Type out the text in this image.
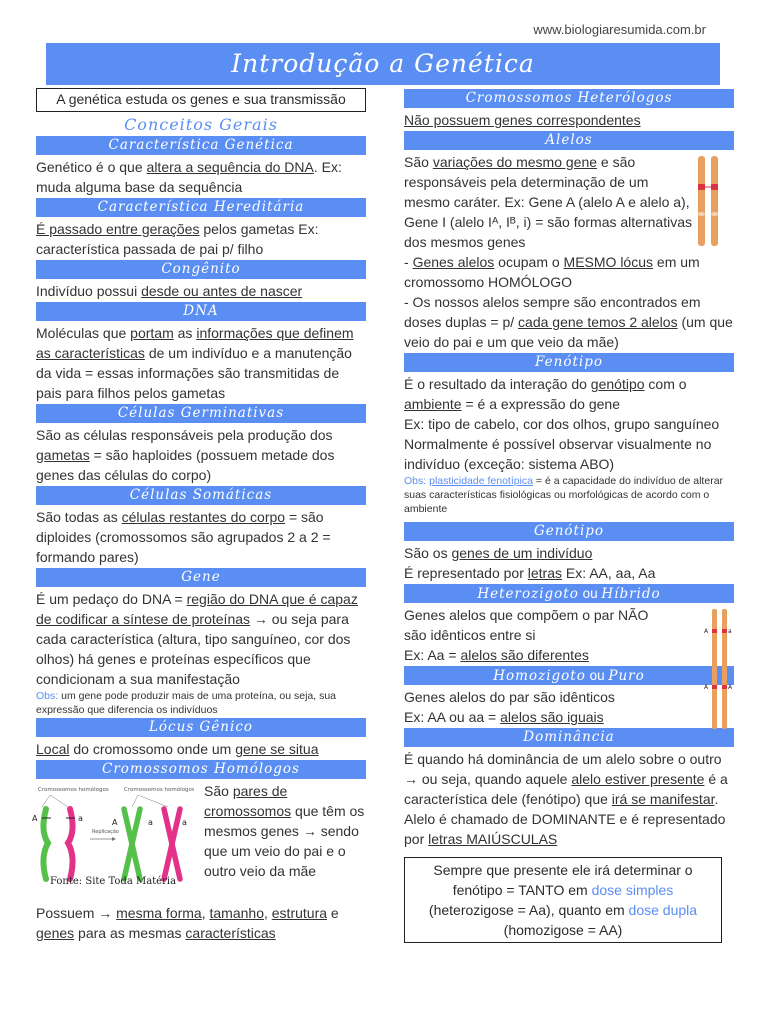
www.biologiaresumida.com.br
Introdução a Genética
A genética estuda os genes e sua transmissão
Conceitos Gerais
Característica Genética

Genético é o que altera a sequência do DNA. Ex: muda alguma base da sequência

Característica Hereditária

É passado entre gerações pelos gametas Ex: característica passada de pai p/ filho

Congênito

Indivíduo possui desde ou antes de nascer

DNA

Moléculas que portam as informações que definem as características de um indivíduo e a manutenção da vida = essas informações são transmitidas de pais para filhos pelos gametas

Células Germinativas

São as células responsáveis pela produção dos gametas = são haploides (possuem metade dos genes das células do corpo)

Células Somáticas

São todas as células restantes do corpo = são diploides (cromossomos são agrupados 2 a 2 = formando pares)

Gene

É um pedaço do DNA = região do DNA que é capaz de codificar a síntese de proteínas → ou seja para cada característica (altura, tipo sanguíneo, cor dos olhos) há genes e proteínas específicos que condicionam a sua manifestação

Obs: um gene pode produzir mais de uma proteína, ou seja, sua expressão que diferencia os indivíduos
Lócus Gênico

Local do cromossomo onde um gene se situa

Cromossomos Homólogos
Cromossomos homólogos	Cromossomos homólogos
A	a
Replicação
A	a	a
Fonte: Site Toda Matéria

São pares de cromossomos que têm os mesmos genes → sendo que um veio do pai e o outro veio da mãe

Possuem → mesma forma, tamanho, estrutura e genes para as mesmas características

Cromossomos Heterólogos

Não possuem genes correspondentes

Alelos

São variações do mesmo gene e são responsáveis pela determinação de um mesmo caráter. Ex: Gene A (alelo A e alelo a), Gene I (alelo Iᴬ, Iᴮ, i) = são formas alternativas dos mesmos genes

- Genes alelos ocupam o MESMO lócus em um cromossomo HOMÓLOGO

- Os nossos alelos sempre são encontrados em doses duplas = p/ cada gene temos 2 alelos (um que veio do pai e um que veio da mãe)

Fenótipo

É o resultado da interação do genótipo com o ambiente = é a expressão do gene

Ex: tipo de cabelo, cor dos olhos, grupo sanguíneo Normalmente é possível observar visualmente no indivíduo (exceção: sistema ABO)

Obs: plasticidade fenotípica = é a capacidade do indivíduo de alterar suas características fisiológicas ou morfológicas de acordo com o ambiente
Genótipo

São os genes de um indivíduo

É representado por letras Ex: AA, aa, Aa

Heterozigoto ou Híbrido
A	a

Genes alelos que compõem o par NÃO são idênticos entre si

Ex: Aa = alelos são diferentes

Homozigoto ou Puro
A	A

Genes alelos do par são idênticos

Ex: AA ou aa = alelos são iguais

Dominância

É quando há dominância de um alelo sobre o outro → ou seja, quando aquele alelo estiver presente é a característica dele (fenótipo) que irá se manifestar. Alelo é chamado de DOMINANTE e é representado por letras MAIÚSCULAS

Sempre que presente ele irá determinar o fenótipo = TANTO em dose simples (heterozigose = Aa), quanto em dose dupla (homozigose = AA)
